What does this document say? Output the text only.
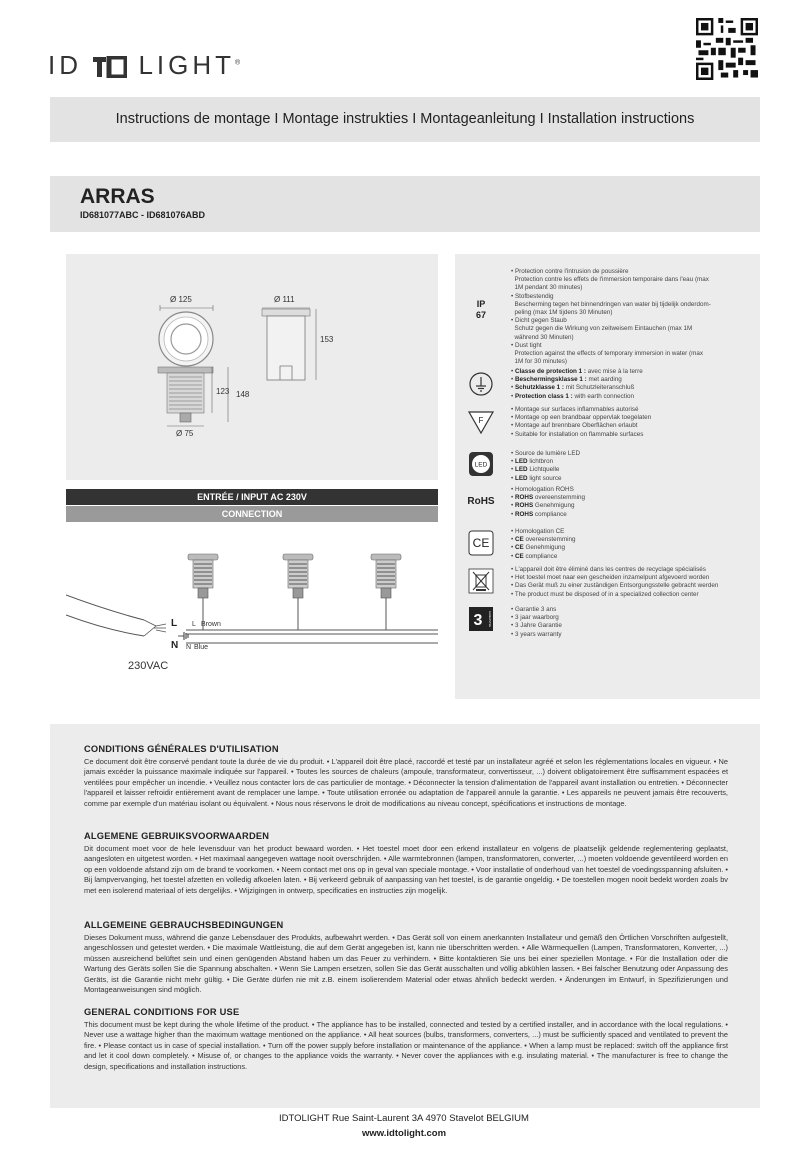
ID LIGHT®
Instructions de montage I Montage instrukties I Montageanleitung I Installation instructions
ARRAS
ID681077ABC - ID681076ABD
Ø 125
Ø 75
123 148
Ø 111
153
ENTRÉE / INPUT AC 230V
CONNECTION
L
N
L Brown
N Blue
230VAC
IP
67
• Protection contre l'intrusion de poussière
Protection contre les effets de l'immersion temporaire dans l'eau (max
1M pendant 30 minutes)
• Stofbestendig
Bescherming tegen het binnendringen van water bij tijdelijk onderdom-
peling (max 1M tijdens 30 Minuten)
• Dicht gegen Staub
Schutz gegen die Wirkung von zeitweisem Eintauchen (max 1M
während 30 Minuten)
• Dust tight
Protection against the effects of temporary immersion in water (max
1M for 30 minutes)
• Classe de protection 1 : avec mise à la terre
• Beschermingsklasse 1 : met aarding
• Schutzklasse 1 : mit Schutzleiteranschluß
• Protection class 1 : with earth connection
F
• Montage sur surfaces inflammables autorisé
• Montage op een brandbaar oppervlak toegelaten
• Montage auf brennbare Oberflächen erlaubt
• Suitable for installation on flammable surfaces
LED
• Source de lumière LED
• LED lichtbron
• LED Lichtquelle
• LED light source
RoHS
• Homologation ROHS
• ROHS overeenstemming
• ROHS Genehmigung
• ROHS compliance
CE
• Homologation CE
• CE overeenstemming
• CE Genehmigung
• CE compliance
• L'appareil doit être éliminé dans les centres de recyclage spécialisés
• Het toestel moet naar een gescheiden inzamelpunt afgevoerd worden
• Das Gerät muß zu einer zuständigen Entsorgungsstelle gebracht werden
• The product must be disposed of in a specialized collection center
3 GUARANTEE
• Garantie 3 ans
• 3 jaar waarborg
• 3 Jahre Garantie
• 3 years warranty
CONDITIONS GÉNÉRALES D'UTILISATION

Ce document doit être conservé pendant toute la durée de vie du produit. • L'appareil doit être placé, raccordé et testé par un installateur agréé et selon les réglementations locales en vigueur. • Ne jamais excéder la puissance maximale indiquée sur l'appareil. • Toutes les sources de chaleurs (ampoule, transformateur, convertisseur, ...) doivent obligatoirement être suffisamment espacées et ventilées pour empêcher un incendie. • Veuillez nous contacter lors de cas particulier de montage. • Déconnecter la tension d'alimentation de l'appareil avant installation ou entretien. • Déconnecter l'appareil et laisser refroidir entièrement avant de remplacer une lampe. • Toute utilisation erronée ou adaptation de l'appareil annule la garantie. • Les appareils ne peuvent jamais être recouverts, comme par exemple d'un matériau isolant ou équivalent. • Nous nous réservons le droit de modifications au niveau concept, spécifications et instructions de montage.

ALGEMENE GEBRUIKSVOORWAARDEN

Dit document moet voor de hele levensduur van het product bewaard worden. • Het toestel moet door een erkend installateur en volgens de plaatselijk geldende reglementering geplaatst, aangesloten en uitgetest worden. • Het maximaal aangegeven wattage nooit overschrijden. • Alle warmtebronnen (lampen, transformatoren, converter, ...) moeten voldoende geventileerd worden en op een voldoende afstand zijn om de brand te voorkomen. • Neem contact met ons op in geval van speciale montage. • Voor installatie of onderhoud van het toestel de voedingsspanning afsluiten. • Bij lampvervanging, het toestel afzetten en volledig afkoelen laten. • Bij verkeerd gebruik of aanpassing van het toestel, is de garantie ongeldig. • De toestellen mogen nooit bedekt worden zoals bv met een isolerend materiaal of iets dergelijks. • Wijzigingen in ontwerp, specificaties en instructies zijn mogelijk.

ALLGEMEINE GEBRAUCHSBEDINGUNGEN

Dieses Dokument muss, während die ganze Lebensdauer des Produkts, aufbewahrt werden. • Das Gerät soll von einem anerkannten Installateur und gemäß den Örtlichen Vorschriften aufgestellt, angeschlossen und getestet werden. • Die maximale Wattleistung, die auf dem Gerät angegeben ist, kann nie überschritten werden. • Alle Wärmequellen (Lampen, Transformatoren, Konverter, ...) müssen ausreichend belüftet sein und einen genügenden Abstand haben um das Feuer zu verhindern. • Bitte kontaktieren Sie uns bei einer speziellen Montage. • Für die Installation oder die Wartung des Geräts sollen Sie die Spannung abschalten. • Wenn Sie Lampen ersetzen, sollen Sie das Gerät ausschalten und völlig abkühlen lassen. • Bei falscher Benutzung oder Anpassung des Geräts, ist die Garantie nicht mehr gültig. • Die Geräte dürfen nie mit z.B. einem isolierendem Material oder etwas ähnlich bedeckt werden. • Änderungen im Entwurf, in Spezifizierungen und Montageanweisungen sind möglich.

GENERAL CONDITIONS FOR USE

This document must be kept during the whole lifetime of the product. • The appliance has to be installed, connected and tested by a certified installer, and in accordance with the local regulations. • Never use a wattage higher than the maximum wattage mentioned on the appliance. • All heat sources (bulbs, transformers, converters, ...) must be sufficiently spaced and ventilated to prevent the fire. • Please contact us in case of special installation. • Turn off the power supply before installation or maintenance of the appliance. • When a lamp must be replaced: switch off the appliance first and let it cool down completely. • Misuse of, or changes to the appliance voids the warranty. • Never cover the appliances with e.g. insulating material. • The manufacturer is free to change the design, specifications and installation instructions.

IDTOLIGHT Rue Saint-Laurent 3A 4970 Stavelot BELGIUM
www.idtolight.com
